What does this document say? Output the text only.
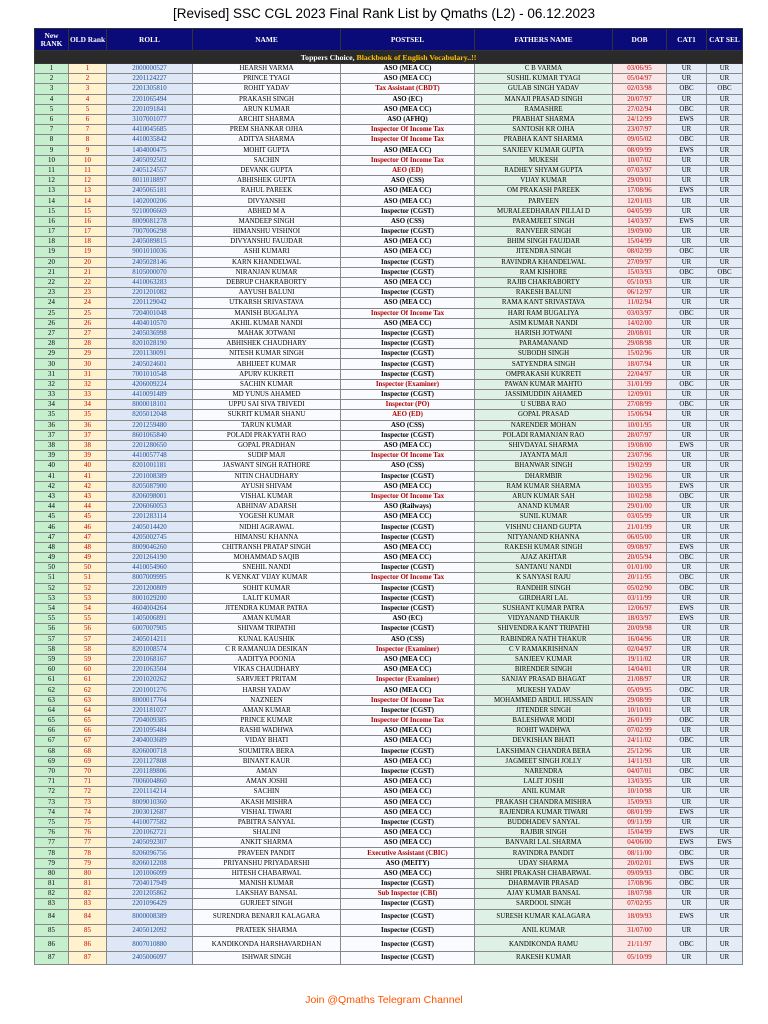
[Revised] SSC CGL 2023 Final Rank List by Qmaths (L2) - 06.12.2023
New RANK	OLD Rank	ROLL	NAME	POSTSEL	FATHERS NAME	DOB	CAT1	CAT SEL
Toppers Choice, Blackbook of English Vocabulary..!!								
1	1	2000000527	HEARSH VARMA	ASO (MEA CC)	C B VARMA	03/06/95	UR	UR
2	2	2201124227	PRINCE TYAGI	ASO (MEA CC)	SUSHIL KUMAR TYAGI	05/04/97	UR	UR
3	3	2201305810	ROHIT YADAV	Tax Assistant (CBDT)	GULAB SINGH YADAV	02/03/98	OBC	OBC
4	4	2201065494	PRAKASH SINGH	ASO (EC)	MANAJI PRASAD SINGH	20/07/97	UR	UR
5	5	2201091841	ARUN KUMAR	ASO (MEA CC)	RAMASHRE	27/02/94	OBC	UR
6	6	3107001077	ARCHIT SHARMA	ASO (AFHQ)	PRABHAT SHARMA	24/12/99	EWS	UR
7	7	4410045685	PREM SHANKAR OJHA	Inspector Of Income Tax	SANTOSH KR OJHA	23/07/97	UR	UR
8	8	4410035842	ADITYA SHARMA	Inspector Of Income Tax	PRABHA KANT SHARMA	09/05/02	OBC	UR
9	9	1404000475	MOHIT GUPTA	ASO (MEA CC)	SANJEEV KUMAR GUPTA	08/09/99	EWS	UR
10	10	2405092502	SACHIN	Inspector Of Income Tax	MUKESH	10/07/02	UR	UR
11	11	2405124557	DEVANK GUPTA	AEO (ED)	RADHEY SHYAM GUPTA	07/03/97	UR	UR
12	12	8011018897	ABHISHEK GUPTA	ASO (CSS)	VIJAY KUMAR	29/09/01	UR	UR
13	13	2405065181	RAHUL PAREEK	ASO (MEA CC)	OM PRAKASH PAREEK	17/08/96	EWS	UR
14	14	1402000206	DIVYANSHI	ASO (MEA CC)	PARVEEN	12/01/03	UR	UR
15	15	9210006669	ABHED M A	Inspector (CGST)	MURALEEDHARAN PILLAI D	04/05/99	UR	UR
16	16	8009081278	MANDEEP SINGH	ASO (CSS)	PARAMJEET SINGH	14/03/97	EWS	UR
17	17	7007006298	HIMANSHU VISHNOI	Inspector (CGST)	RANVEER SINGH	19/09/00	UR	UR
18	18	2405089815	DIVYANSHU FAUJDAR	ASO (MEA CC)	BHIM SINGH FAUJDAR	15/04/99	UR	UR
19	19	9001010036	ASHI KUMARI	ASO (MEA CC)	JITENDRA SINGH	08/02/99	OBC	UR
20	20	2405028146	KARN KHANDELWAL	Inspector (CGST)	RAVINDRA KHANDELWAL	27/09/97	UR	UR
21	21	8105000070	NIRANJAN KUMAR	Inspector (CGST)	RAM KISHORE	15/03/93	OBC	OBC
22	22	4410063283	DEBRUP CHAKRABORTY	ASO (MEA CC)	RAJIB CHAKRABORTY	05/10/93	UR	UR
23	23	2201201082	AAYUSH BALUNI	Inspector (CGST)	RAKESH BALUNI	06/12/97	UR	UR
24	24	2201129042	UTKARSH SRIVASTAVA	ASO (MEA CC)	RAMA KANT SRIVASTAVA	11/02/94	UR	UR
25	25	7204001048	MANISH BUGALIYA	Inspector Of Income Tax	HARI RAM BUGALIYA	03/03/97	OBC	UR
26	26	4404010570	AKHIL KUMAR NANDI	ASO (MEA CC)	ASIM KUMAR NANDI	14/02/00	UR	UR
27	27	2405036998	MAHAK JOTWANI	Inspector (CGST)	HARISH JOTWANI	20/08/01	UR	UR
28	28	8201028190	ABHISHEK CHAUDHARY	Inspector (CGST)	PARAMANAND	29/08/98	UR	UR
29	29	2201130091	NITESH KUMAR SINGH	Inspector (CGST)	SUBODH SINGH	15/02/96	UR	UR
30	30	2405024601	ABHIJEET KUMAR	Inspector (CGST)	SATYENDRA SINGH	18/07/94	UR	UR
31	31	7001010548	APURV KUKRETI	Inspector (CGST)	OMPRAKASH KUKRETI	22/04/97	UR	UR
32	32	4206009224	SACHIN KUMAR	Inspector (Examiner)	PAWAN KUMAR MAHTO	31/01/99	OBC	UR
33	33	4410091489	MD YUNUS AHAMED	Inspector (CGST)	JASSIMUDDIN AHAMED	12/09/01	UR	UR
34	34	8000018101	UPPU SAI SIVA TRIVEDI	Inspector (PO)	U SUBBA RAO	27/08/99	OBC	UR
35	35	8205012048	SUKRIT KUMAR SHANU	AEO (ED)	GOPAL PRASAD	15/06/94	UR	UR
36	36	2201259480	TARUN KUMAR	ASO (CSS)	NARENDER MOHAN	10/01/95	UR	UR
37	37	8601065840	POLADI PRAKYATH RAO	Inspector (CGST)	POLADI RAMANJAN RAO	28/07/97	UR	UR
38	38	2201280650	GOPAL PRADHAN	ASO (MEA CC)	SHIVDAYAL SHARMA	19/08/00	EWS	UR
39	39	4410057748	SUDIP MAJI	Inspector Of Income Tax	JAYANTA MAJI	23/07/96	UR	UR
40	40	8201001181	JASWANT SINGH RATHORE	ASO (CSS)	BHANWAR SINGH	19/02/99	UR	UR
41	41	2201008389	NITIN CHAUDHARY	Inspector (CGST)	DHARMBIR	19/02/96	UR	UR
42	42	8205087900	AYUSH SHIVAM	ASO (MEA CC)	RAM KUMAR SHARMA	10/03/95	EWS	UR
43	43	8206098001	VISHAL KUMAR	Inspector Of Income Tax	ARUN KUMAR SAH	10/02/98	OBC	UR
44	44	2206060053	ABHINAV ADARSH	ASO (Railways)	ANAND KUMAR	29/01/00	UR	UR
45	45	2201283114	YOGESH KUMAR	ASO (MEA CC)	SUNIL KUMAR	03/05/99	UR	UR
46	46	2405014420	NIDHI AGRAWAL	Inspector (CGST)	VISHNU CHAND GUPTA	21/01/99	UR	UR
47	47	4205002745	HIMANSU KHANNA	Inspector (CGST)	NITYANAND KHANNA	06/05/00	UR	UR
48	48	8009046260	CHITRANSH PRATAP SINGH	ASO (MEA CC)	RAKESH KUMAR SINGH	09/08/97	EWS	UR
49	49	2201264190	MOHAMMAD SAQIB	ASO (MEA CC)	AJAZ AKHTAR	20/05/94	OBC	UR
50	50	4410054960	SNEHIL NANDI	Inspector (CGST)	SANTANU NANDI	01/01/00	UR	UR
51	51	8007009995	K VENKAT VIJAY KUMAR	Inspector Of Income Tax	K SANYASI RAJU	20/11/95	OBC	UR
52	52	2201200809	SOHIT KUMAR	Inspector (CGST)	RANDHIR SINGH	05/02/90	OBC	UR
53	53	8001029200	LALIT KUMAR	Inspector (CGST)	GIRDHARI LAL	03/11/99	UR	UR
54	54	4604004264	JITENDRA KUMAR PATRA	Inspector (CGST)	SUSHANT KUMAR PATRA	12/06/97	EWS	UR
55	55	1405006891	AMAN KUMAR	ASO (EC)	VIDYANAND THAKUR	18/03/97	EWS	UR
56	56	6007007905	SHIVAM TRIPATHI	Inspector (CGST)	SHIVENDRA KANT TRIPATHI	20/09/98	UR	UR
57	57	2405014211	KUNAL KAUSHIK	ASO (CSS)	RABINDRA NATH THAKUR	16/04/96	UR	UR
58	58	8201008574	C R RAMANUJA DESIKAN	Inspector (Examiner)	C V RAMAKRISHNAN	02/04/97	UR	UR
59	59	2201068167	AADITYA POONIA	ASO (MEA CC)	SANJEEV KUMAR	19/11/02	UR	UR
60	60	2201063504	VIKAS CHAUDHARY	ASO (MEA CC)	BIRENDER SINGH	14/04/01	UR	UR
61	61	2201020262	SARVJEET PRITAM	Inspector (Examiner)	SANJAY PRASAD BHAGAT	21/08/97	UR	UR
62	62	2201001276	HARSH YADAV	ASO (MEA CC)	MUKESH YADAV	05/09/95	OBC	UR
63	63	8000017764	NAZNEEN	Inspector Of Income Tax	MOHAMMED ABDUL HUSSAIN	29/08/99	UR	UR
64	64	2201181027	AMAN KUMAR	Inspector (CGST)	JITENDER SINGH	10/10/01	UR	UR
65	65	7204009385	PRINCE KUMAR	Inspector Of Income Tax	BALESHWAR MODI	26/01/99	OBC	UR
66	66	2201095484	RASHI WADHWA	ASO (MEA CC)	ROHIT WADHWA	07/02/99	UR	UR
67	67	2404003689	VIDAY BHATI	ASO (MEA CC)	DEVKISHAN BHATI	24/11/02	OBC	UR
68	68	8206000718	SOUMITRA BERA	Inspector (CGST)	LAKSHMAN CHANDRA BERA	25/12/96	UR	UR
69	69	2201127808	BINANT KAUR	ASO (MEA CC)	JAGMEET SINGH JOLLY	14/11/93	UR	UR
70	70	2201189806	AMAN	Inspector (CGST)	NARENDRA	04/07/01	OBC	UR
71	71	7006004860	AMAN JOSHI	ASO (MEA CC)	LALIT JOSHI	13/03/95	UR	UR
72	72	2201114214	SACHIN	ASO (MEA CC)	ANIL KUMAR	10/10/98	UR	UR
73	73	8009010360	AKASH MISHRA	ASO (MEA CC)	PRAKASH CHANDRA MISHRA	15/09/93	UR	UR
74	74	2003012687	VISHAL TIWARI	ASO (MEA CC)	RAJENDRA KUMAR TIWARI	08/01/99	EWS	UR
75	75	4410077582	PABITRA SANYAL	Inspector (CGST)	BUDDHADEV SANYAL	09/11/99	UR	UR
76	76	2201062721	SHALINI	ASO (MEA CC)	RAJBIR SINGH	15/04/99	EWS	UR
77	77	2405092307	ANKIT SHARMA	ASO (MEA CC)	BANVARI LAL SHARMA	04/06/00	EWS	EWS
78	78	8206096756	PRAVEEN PANDIT	Executive Assistant (CBIC)	RAVINDRA PANDIT	08/11/00	OBC	UR
79	79	8206012208	PRIYANSHU PRIYADARSHI	ASO (MEITY)	UDAY SHARMA	20/02/01	EWS	UR
80	80	1201006099	HITESH CHABARWAL	ASO (MEA CC)	SHRI PRAKASH CHABARWAL	09/09/93	OBC	UR
81	81	7204017949	MANISH KUMAR	Inspector (CGST)	DHARMAVIR PRASAD	17/08/96	OBC	UR
82	82	2201205862	LAKSHAY BANSAL	Sub Inspector (CBI)	AJAY KUMAR BANSAL	18/07/98	UR	UR
83	83	2201096429	GURJEET SINGH	Inspector (CGST)	SARDOOL SINGH	07/02/95	UR	UR
84	84	8000008389	SURENDRA BENARJI KALAGARA	Inspector (CGST)	SURESH KUMAR KALAGARA	18/09/93	EWS	UR
85	85	2405012092	PRATEEK SHARMA	Inspector (CGST)	ANIL KUMAR	31/07/00	UR	UR
86	86	8007010880	KANDIKONDA HARSHAVARDHAN	Inspector (CGST)	KANDIKONDA RAMU	21/11/97	OBC	UR
87	87	2405006097	ISHWAR SINGH	Inspector (CGST)	RAKESH KUMAR	05/10/99	UR	UR
Join @Qmaths Telegram Channel
